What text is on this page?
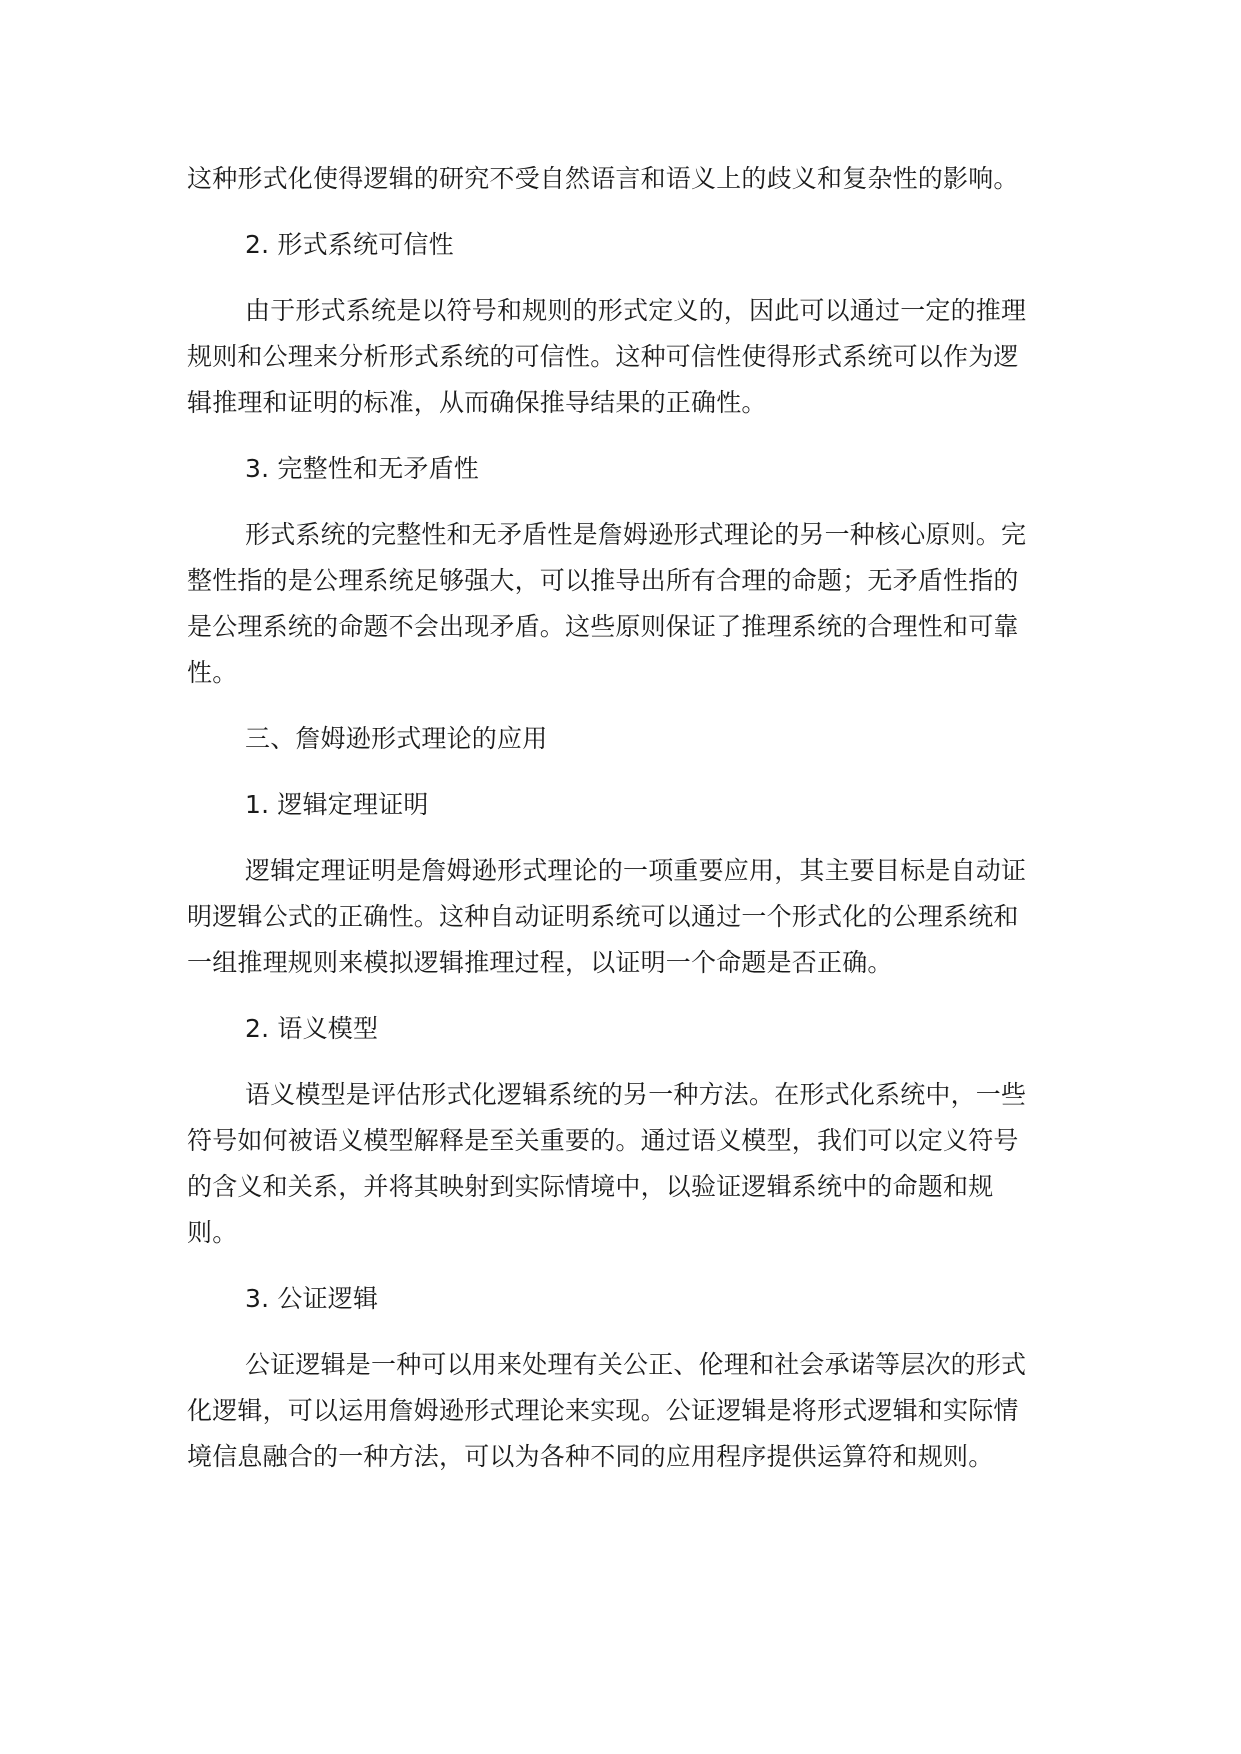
这种形式化使得逻辑的研究不受自然语言和语义上的歧义和复杂性的影响。

2. 形式系统可信性

由于形式系统是以符号和规则的形式定义的，因此可以通过一定的推理规则和公理来分析形式系统的可信性。这种可信性使得形式系统可以作为逻辑推理和证明的标准，从而确保推导结果的正确性。

3. 完整性和无矛盾性

形式系统的完整性和无矛盾性是詹姆逊形式理论的另一种核心原则。完整性指的是公理系统足够强大，可以推导出所有合理的命题；无矛盾性指的是公理系统的命题不会出现矛盾。这些原则保证了推理系统的合理性和可靠性。

三、詹姆逊形式理论的应用

1. 逻辑定理证明

逻辑定理证明是詹姆逊形式理论的一项重要应用，其主要目标是自动证明逻辑公式的正确性。这种自动证明系统可以通过一个形式化的公理系统和一组推理规则来模拟逻辑推理过程，以证明一个命题是否正确。

2. 语义模型

语义模型是评估形式化逻辑系统的另一种方法。在形式化系统中，一些符号如何被语义模型解释是至关重要的。通过语义模型，我们可以定义符号的含义和关系，并将其映射到实际情境中，以验证逻辑系统中的命题和规则。

3. 公证逻辑

公证逻辑是一种可以用来处理有关公正、伦理和社会承诺等层次的形式化逻辑，可以运用詹姆逊形式理论来实现。公证逻辑是将形式逻辑和实际情境信息融合的一种方法，可以为各种不同的应用程序提供运算符和规则。
